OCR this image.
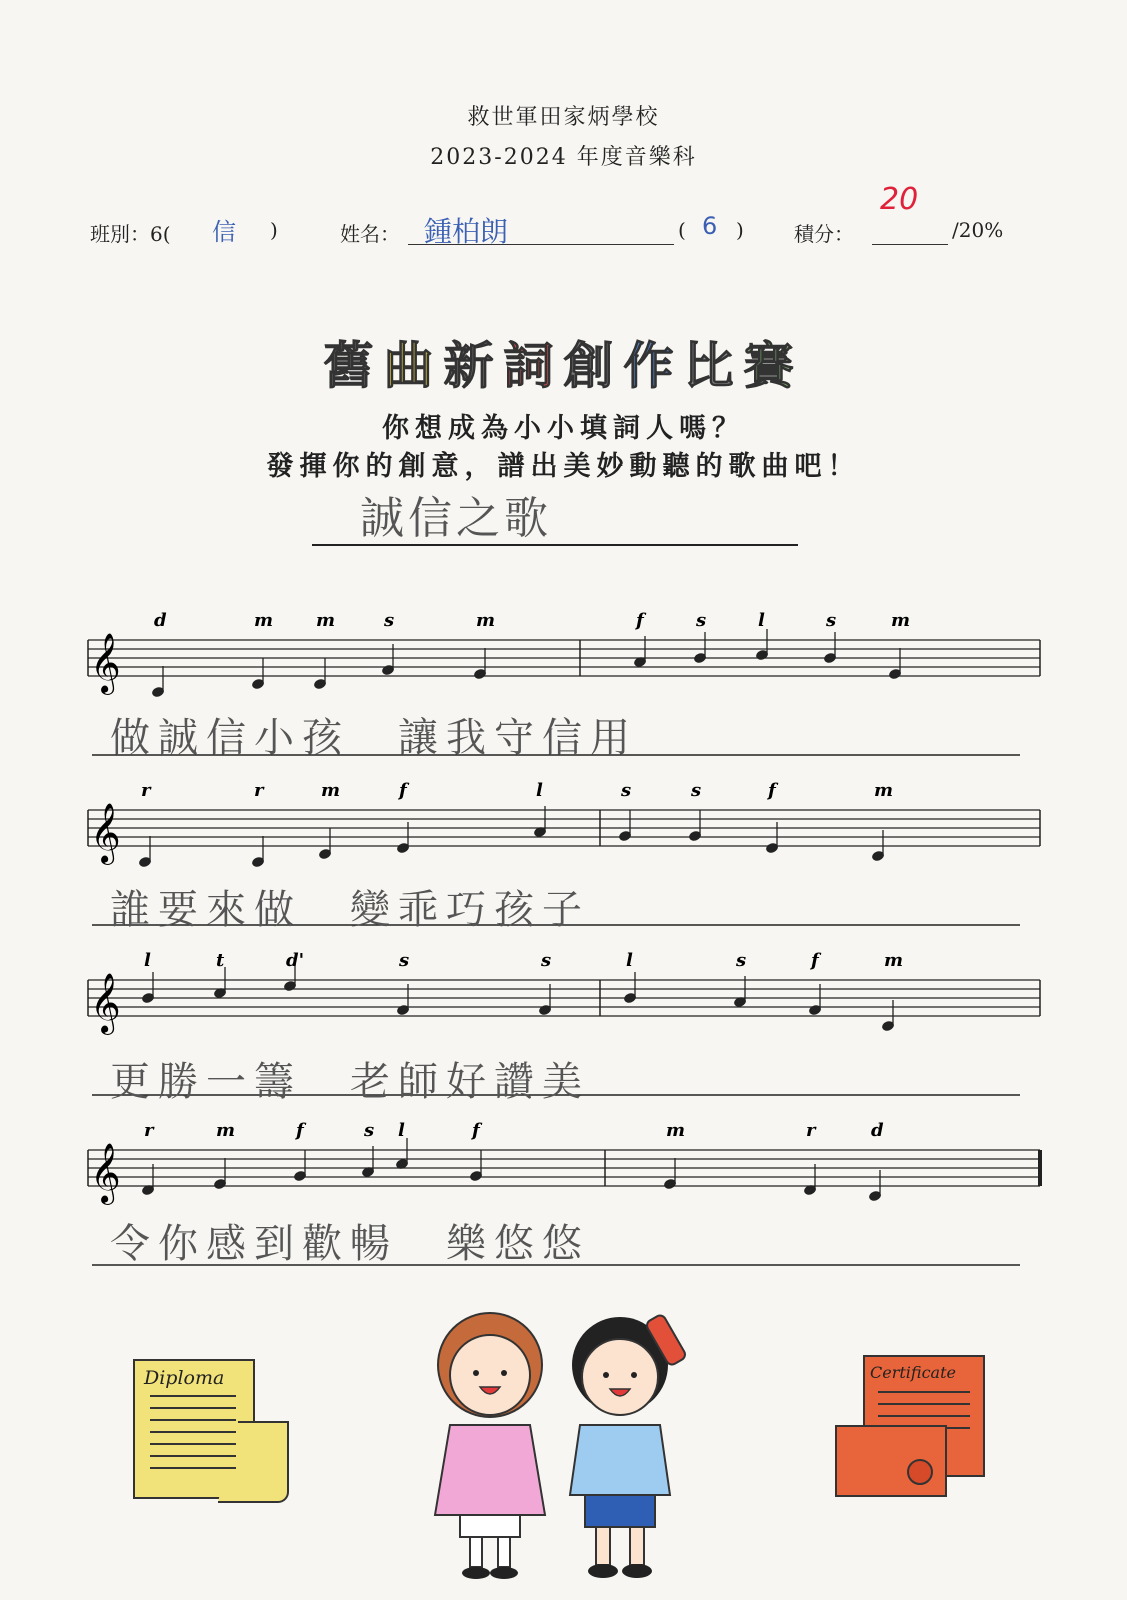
救世軍田家炳學校
2023-2024 年度音樂科
班別：6( 信 )	姓名： 鍾柏朗	( 6 )	積分：
20
/20%
舊曲新詞創作比賽
你想成為小小填詞人嗎？
發揮你的創意，譜出美妙動聽的歌曲吧！
誠信之歌
𝄞
d	m m	s	m	f	s	l	s	m
𝄞
r	r	m	f	l	s	s	f	m
𝄞
l	t	d'	s	s	l	s	f	m
𝄞
r	m	f	s l	f	m	r	d
做誠信小孩　讓我守信用
誰要來做　變乖巧孩子
更勝一籌　老師好讚美
令你感到歡暢　樂悠悠
Diploma	Certificate
